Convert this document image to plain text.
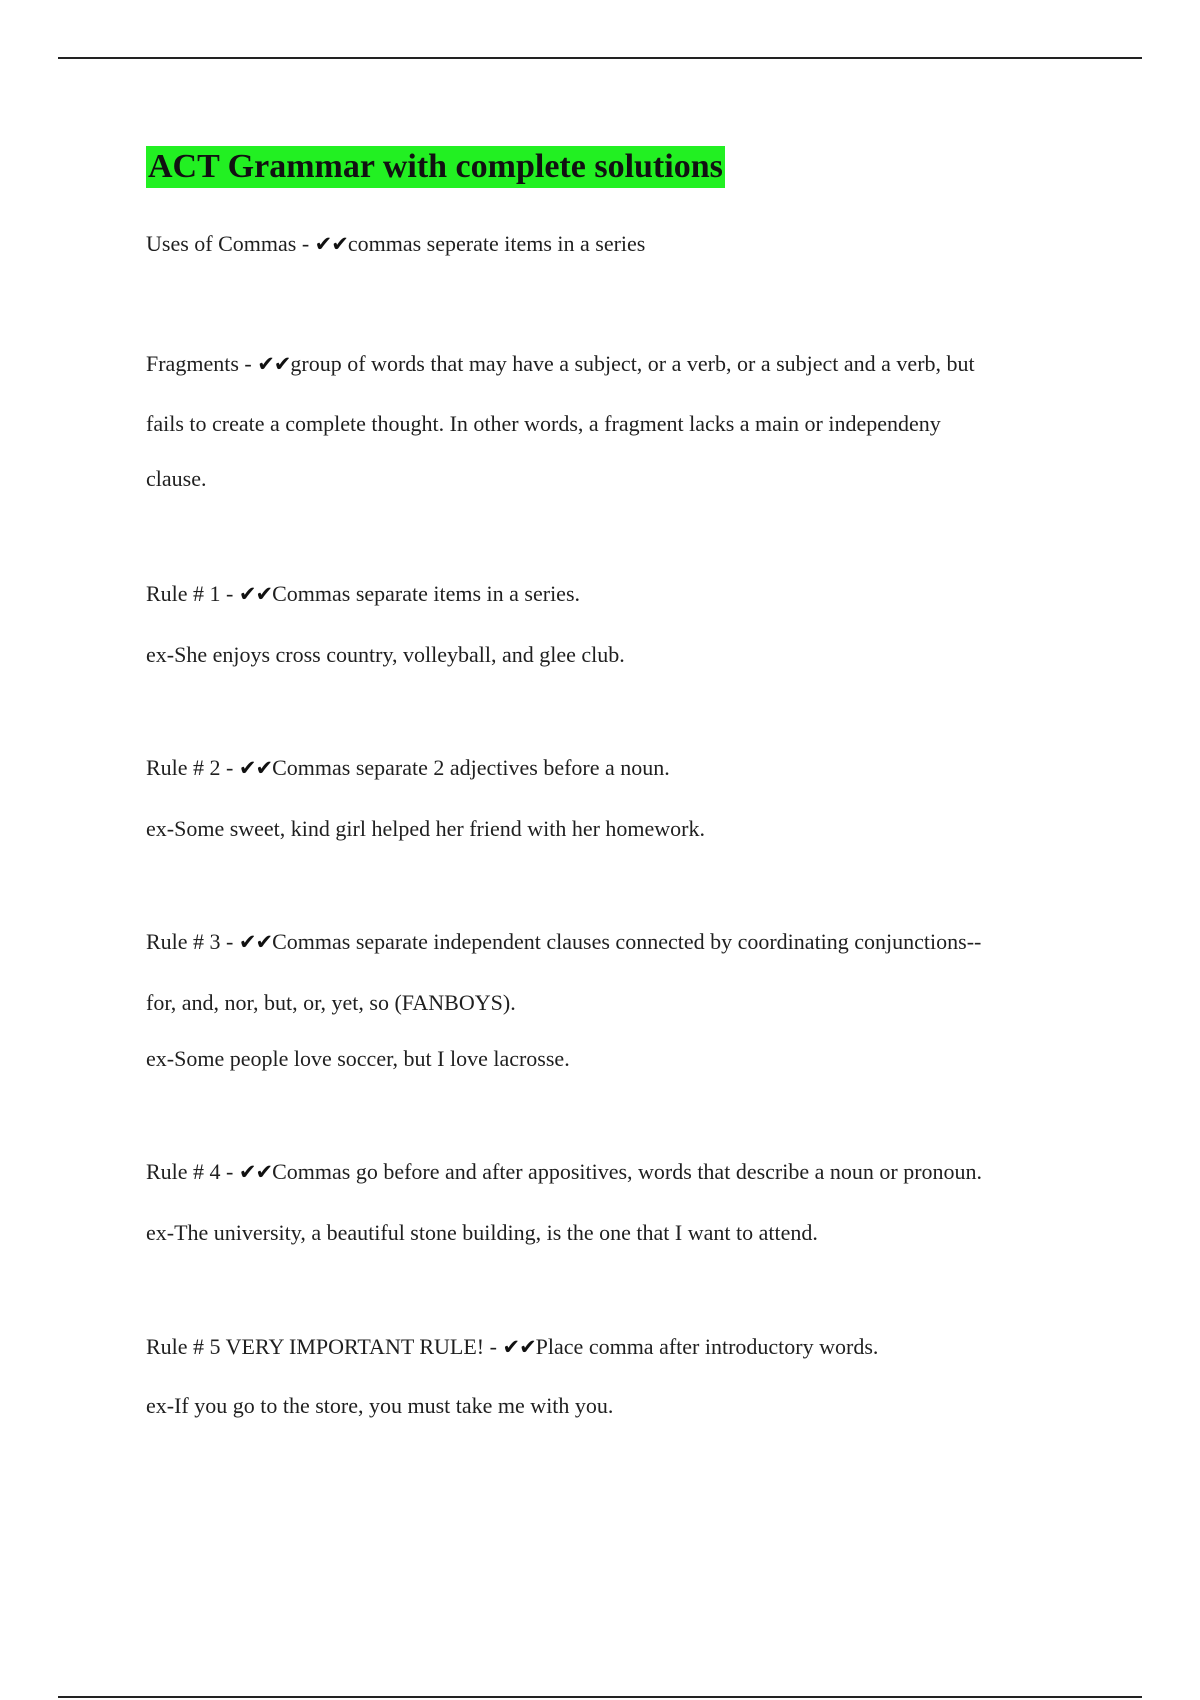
ACT Grammar with complete solutions

Uses of Commas - ✔✔commas seperate items in a series

Fragments - ✔✔group of words that may have a subject, or a verb, or a subject and a verb, but

fails to create a complete thought. In other words, a fragment lacks a main or independeny

clause.

Rule # 1 - ✔✔Commas separate items in a series.

ex-She enjoys cross country, volleyball, and glee club.

Rule # 2 - ✔✔Commas separate 2 adjectives before a noun.

ex-Some sweet, kind girl helped her friend with her homework.

Rule # 3 - ✔✔Commas separate independent clauses connected by coordinating conjunctions--

for, and, nor, but, or, yet, so (FANBOYS).

ex-Some people love soccer, but I love lacrosse.

Rule # 4 - ✔✔Commas go before and after appositives, words that describe a noun or pronoun.

ex-The university, a beautiful stone building, is the one that I want to attend.

Rule # 5 VERY IMPORTANT RULE! - ✔✔Place comma after introductory words.

ex-If you go to the store, you must take me with you.
